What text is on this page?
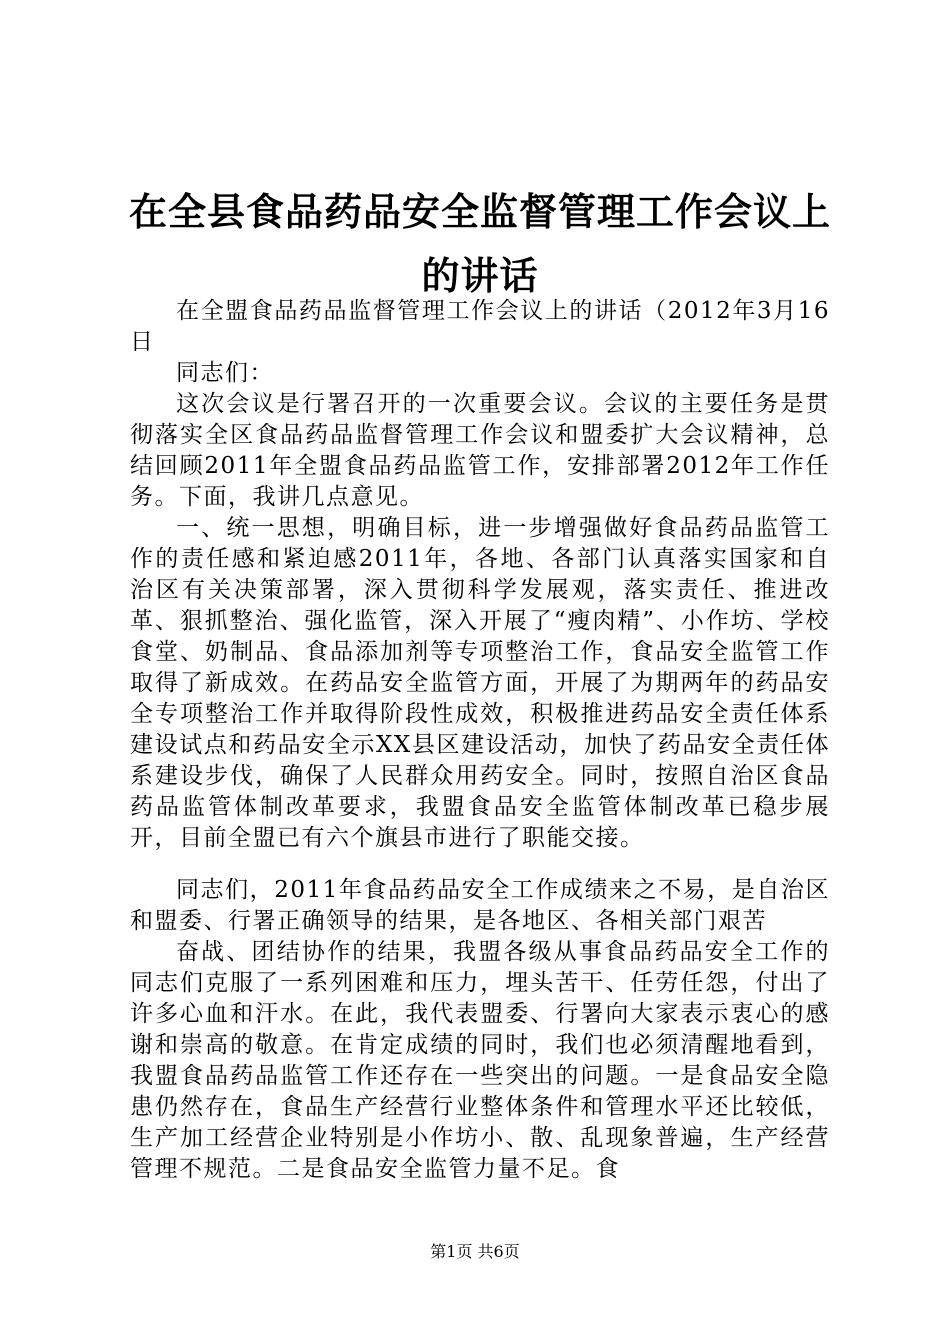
在全县食品药品安全监督管理工作会议上的讲话

在全盟食品药品监督管理工作会议上的讲话（2012年3月16日

同志们：

这次会议是行署召开的一次重要会议。会议的主要任务是贯彻落实全区食品药品监督管理工作会议和盟委扩大会议精神，总结回顾2011年全盟食品药品监管工作，安排部署2012年工作任务。下面，我讲几点意见。

一、统一思想，明确目标，进一步增强做好食品药品监管工作的责任感和紧迫感2011年，各地、各部门认真落实国家和自治区有关决策部署，深入贯彻科学发展观，落实责任、推进改革、狠抓整治、强化监管，深入开展了“瘦肉精”、小作坊、学校食堂、奶制品、食品添加剂等专项整治工作，食品安全监管工作取得了新成效。在药品安全监管方面，开展了为期两年的药品安全专项整治工作并取得阶段性成效，积极推进药品安全责任体系建设试点和药品安全示XX县区建设活动，加快了药品安全责任体系建设步伐，确保了人民群众用药安全。同时，按照自治区食品药品监管体制改革要求，我盟食品安全监管体制改革已稳步展开，目前全盟已有六个旗县市进行了职能交接。

同志们，2011年食品药品安全工作成绩来之不易，是自治区和盟委、行署正确领导的结果，是各地区、各相关部门艰苦

奋战、团结协作的结果，我盟各级从事食品药品安全工作的同志们克服了一系列困难和压力，埋头苦干、任劳任怨，付出了许多心血和汗水。在此，我代表盟委、行署向大家表示衷心的感谢和崇高的敬意。在肯定成绩的同时，我们也必须清醒地看到，我盟食品药品监管工作还存在一些突出的问题。一是食品安全隐患仍然存在，食品生产经营行业整体条件和管理水平还比较低，生产加工经营企业特别是小作坊小、散、乱现象普遍，生产经营管理不规范。二是食品安全监管力量不足。食

第1页 共6页
